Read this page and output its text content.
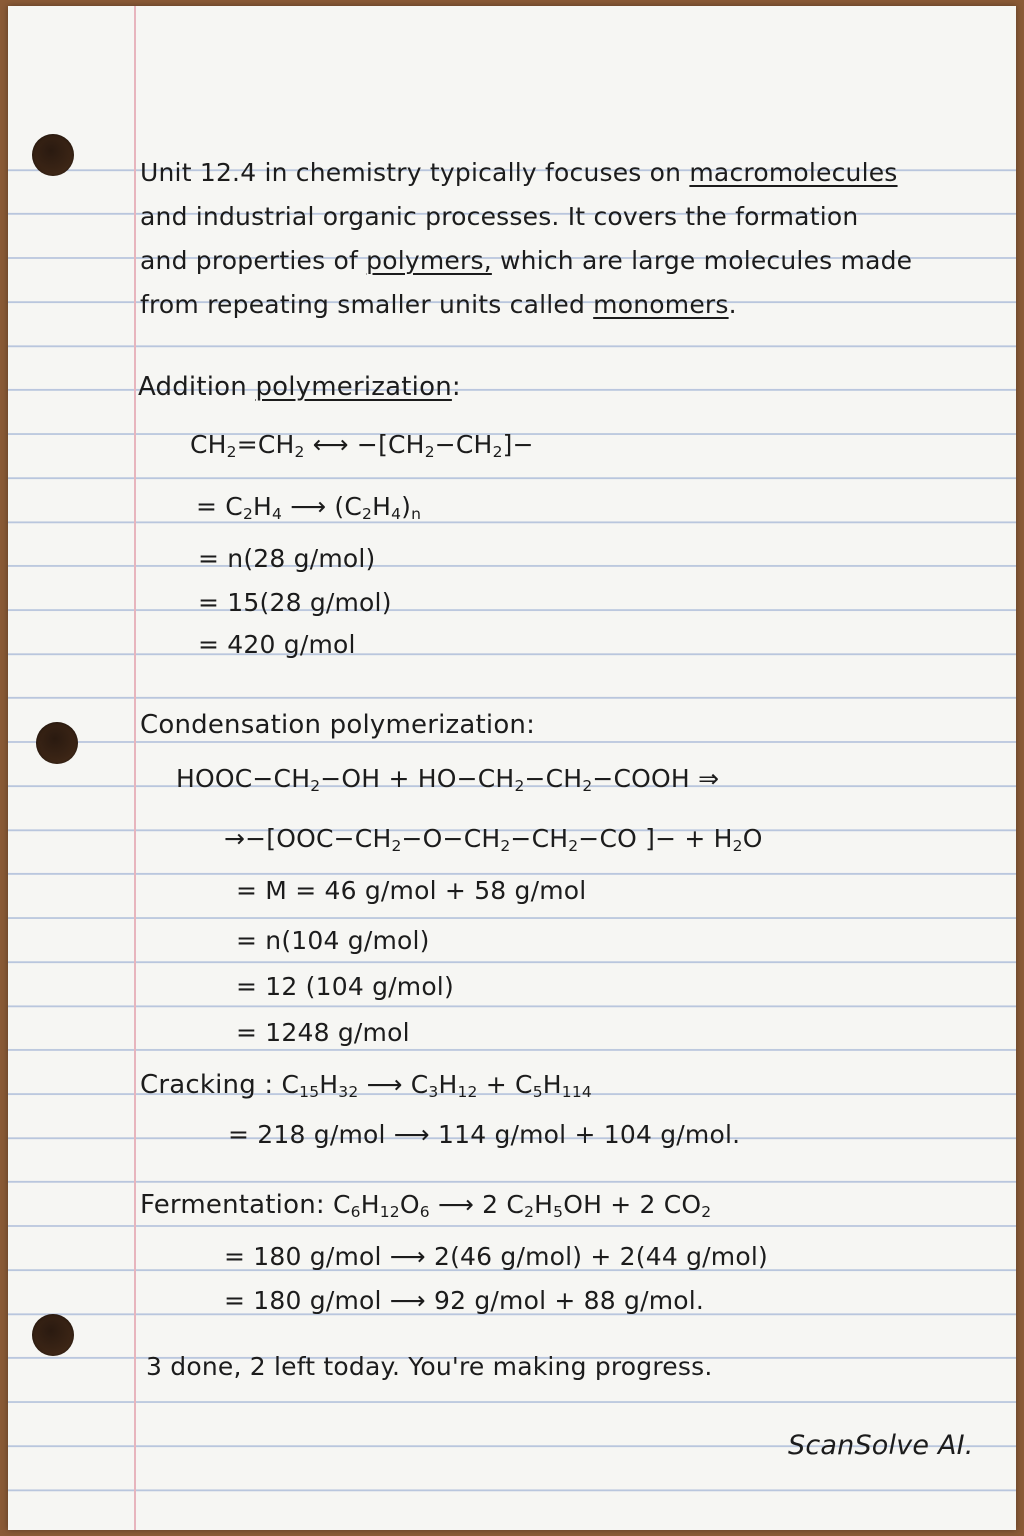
Unit 12.4 in chemistry typically focuses on macromolecules
and industrial organic processes. It covers the formation
and properties of polymers, which are large molecules made
from repeating smaller units called monomers.
Addition polymerization:
$CH_2=CH_2$ ⟷ $-[CH_2-CH_2]-$
= $C_2H_4$ ⟶ $(C_2H_4)_n$
= n(28 g/mol)
= 15(28 g/mol)
= 420 g/mol
Condensation polymerization:
$HOOC-CH_2-OH$ + $HO-CH_2-CH_2-COOH$ ⇒
$\to-[OOC-CH_2-O-CH_2-CH_2-CO$ ]− + $H_2O$
= M = 46 g/mol + 58 g/mol
= n(104 g/mol)
= 12 (104 g/mol)
= 1248 g/mol
Cracking : $C_{15}H_{32}$ ⟶ $C_3H_{12} + C_5H_{114}$
= 218 g/mol ⟶ 114 g/mol + 104 g/mol.
Fermentation: $C_6H_{12}O_6$ ⟶ 2 $C_2H_5OH + 2$ $CO_2$
= 180 g/mol ⟶ 2(46 g/mol) + 2(44 g/mol)
= 180 g/mol ⟶ 92 g/mol + 88 g/mol.
3 done, 2 left today. You're making progress.
ScanSolve AI.
